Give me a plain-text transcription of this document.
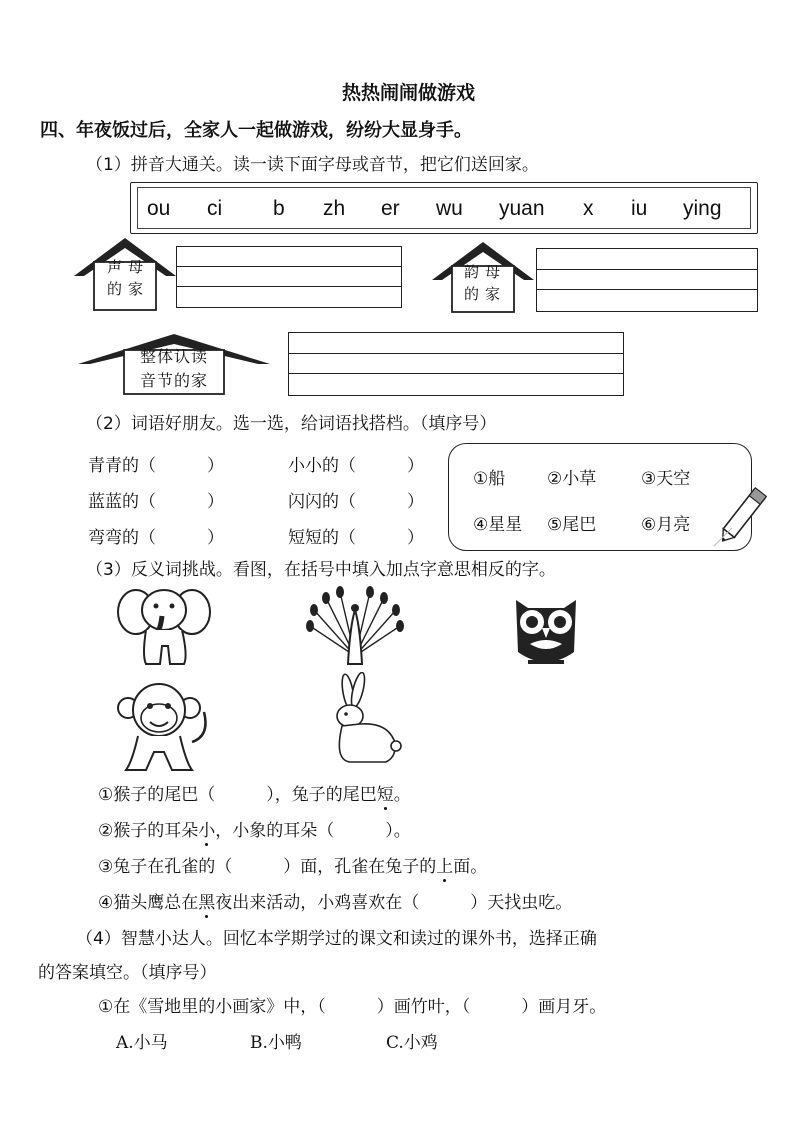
热热闹闹做游戏
四、年夜饭过后，全家人一起做游戏，纷纷大显身手。
（1）拼音大通关。读一读下面字母或音节，把它们送回家。
ou ci b zh er wu yuan x iu ying
声母
的家
韵母
的家
整体认读
音节的家
（2）词语好朋友。选一选，给词语找搭档。（填序号）
青青的（　　　）
蓝蓝的（　　　）
弯弯的（　　　）
小小的（　　　）
闪闪的（　　　）
短短的（　　　）
①船 ②小草	③天空
④星星 ⑤尾巴	⑥月亮
（3）反义词挑战。看图，在括号中填入加点字意思相反的字。
①猴子的尾巴（　　　），兔子的尾巴短。
②猴子的耳朵小，小象的耳朵（　　　）。
③兔子在孔雀的（　　　）面，孔雀在兔子的上面。
④猫头鹰总在黑夜出来活动，小鸡喜欢在（　　　）天找虫吃。
（4）智慧小达人。回忆本学期学过的课文和读过的课外书，选择正确
的答案填空。（填序号）
①在《雪地里的小画家》中，（　　　）画竹叶，（　　　）画月牙。
A.小马	B.小鸭	C.小鸡
